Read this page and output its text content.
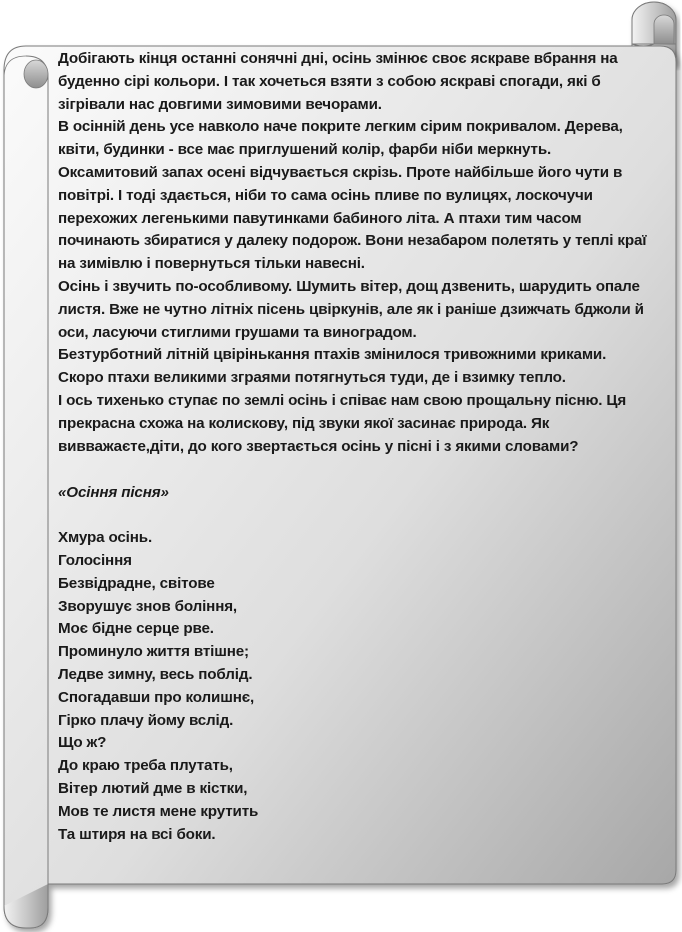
Добігають кінця останні сонячні дні, осінь змінює своє яскраве вбрання на буденно сірі кольори. І так хочеться взяти з собою яскраві спогади, які б зігрівали нас довгими зимовими вечорами.

В осінній день усе навколо наче покрите легким сірим покривалом. Дерева, квіти, будинки - все має приглушений колір, фарби ніби меркнуть.

Оксамитовий запах осені відчувається скрізь. Проте найбільше його чути в повітрі. І тоді здається, ніби то сама осінь пливе по вулицях, лоскочучи перехожих легенькими павутинками бабиного літа. А птахи тим часом починають збиратися у далеку подорож. Вони незабаром полетять у теплі краї на зимівлю і повернуться тільки навесні.

Осінь і звучить по-особливому. Шумить вітер, дощ дзвенить, шарудить опале листя. Вже не чутно літніх пісень цвіркунів, але як і раніше дзижчать бджоли й оси, ласуючи стиглими грушами та виноградом.

Безтурботний літній цвірінькання птахів змінилося тривожними криками.

Скоро птахи великими зграями потягнуться туди, де і взимку тепло.

І ось тихенько ступає по землі осінь і співає нам свою прощальну пісню. Ця прекрасна схожа на колискову, під звуки якої засинає природа. Як вивважаєте,діти, до кого звертається осінь у пісні і з якими словами?

«Осіння пісня»

Хмура осінь.
Голосіння
Безвідрадне, світове
Зворушує знов боління,
Моє бідне серце рве.
Проминуло життя втішне;
Ледве зимну, весь поблід.
Спогадавши про колишнє,
Гірко плачу йому вслід.
Що ж?
До краю треба плутать,
Вітер лютий дме в кістки,
Мов те листя мене крутить
Та штиря на всі боки.
